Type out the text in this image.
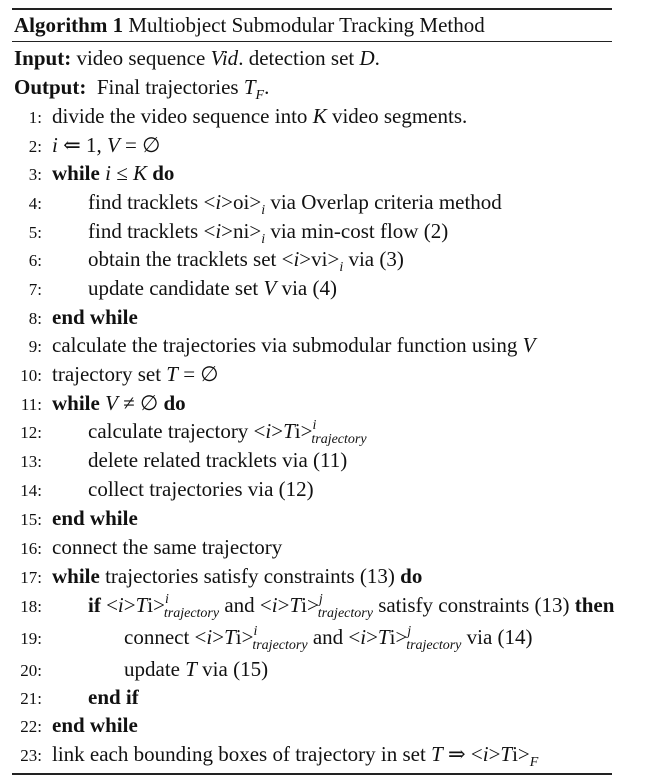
Algorithm 1 Multiobject Submodular Tracking Method
Input: video sequence Vid. detection set D.
Output:  Final trajectories $T_F$.
1: divide the video sequence into K video segments.
2: i ⇐ 1, V = ∅
3: while i ≤ K do
4: find tracklets $<i>oi>_i$ via Overlap criteria method
5: find tracklets $<i>ni>_i$ via min-cost flow (2)
6: obtain the tracklets set $<i>vi>_i$ via (3)
7: update candidate set V via (4)
8: end while
9: calculate the trajectories via submodular function using V
10: trajectory set T = ∅
11: while V ≠ ∅ do
12: calculate trajectory <i>Ti>$^i_{trajectory}$
13: delete related tracklets via (11)
14: collect trajectories via (12)
15: end while
16: connect the same trajectory
17: while trajectories satisfy constraints (13) do
18: if <i>Ti>$^i_{trajectory}$ and <i>Ti>$^j_{trajectory}$ satisfy constraints (13) then
19:	connect <i>Ti>$^i_{trajectory}$ and <i>Ti>$^j_{trajectory}$ via (14)
20:	update T via (15)
21: end if
22: end while
23: link each bounding boxes of trajectory in set T ⇒ $<i>Ti>_F$
